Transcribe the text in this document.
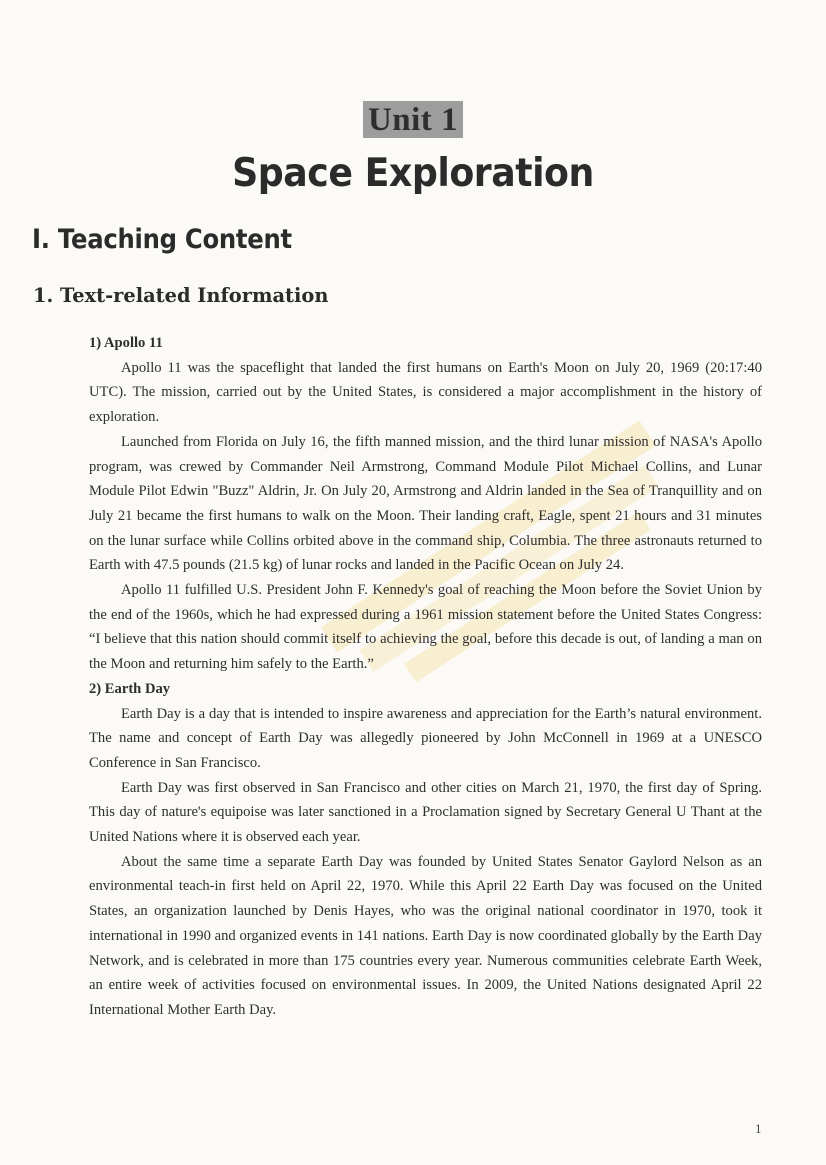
Unit 1
Space Exploration
I. Teaching Content
1. Text-related Information

1) Apollo 11

Apollo 11 was the spaceflight that landed the first humans on Earth's Moon on July 20, 1969 (20:17:40 UTC). The mission, carried out by the United States, is considered a major accomplishment in the history of exploration.

Launched from Florida on July 16, the fifth manned mission, and the third lunar mission of NASA's Apollo program, was crewed by Commander Neil Armstrong, Command Module Pilot Michael Collins, and Lunar Module Pilot Edwin "Buzz" Aldrin, Jr. On July 20, Armstrong and Aldrin landed in the Sea of Tranquillity and on July 21 became the first humans to walk on the Moon. Their landing craft, Eagle, spent 21 hours and 31 minutes on the lunar surface while Collins orbited above in the command ship, Columbia. The three astronauts returned to Earth with 47.5 pounds (21.5 kg) of lunar rocks and landed in the Pacific Ocean on July 24.

Apollo 11 fulfilled U.S. President John F. Kennedy's goal of reaching the Moon before the Soviet Union by the end of the 1960s, which he had expressed during a 1961 mission statement before the United States Congress: “I believe that this nation should commit itself to achieving the goal, before this decade is out, of landing a man on the Moon and returning him safely to the Earth.”

2) Earth Day

Earth Day is a day that is intended to inspire awareness and appreciation for the Earth’s natural environment. The name and concept of Earth Day was allegedly pioneered by John McConnell in 1969 at a UNESCO Conference in San Francisco.

Earth Day was first observed in San Francisco and other cities on March 21, 1970, the first day of Spring. This day of nature's equipoise was later sanctioned in a Proclamation signed by Secretary General U Thant at the United Nations where it is observed each year.

About the same time a separate Earth Day was founded by United States Senator Gaylord Nelson as an environmental teach-in first held on April 22, 1970. While this April 22 Earth Day was focused on the United States, an organization launched by Denis Hayes, who was the original national coordinator in 1970, took it international in 1990 and organized events in 141 nations. Earth Day is now coordinated globally by the Earth Day Network, and is celebrated in more than 175 countries every year. Numerous communities celebrate Earth Week, an entire week of activities focused on environmental issues. In 2009, the United Nations designated April 22 International Mother Earth Day.

1
